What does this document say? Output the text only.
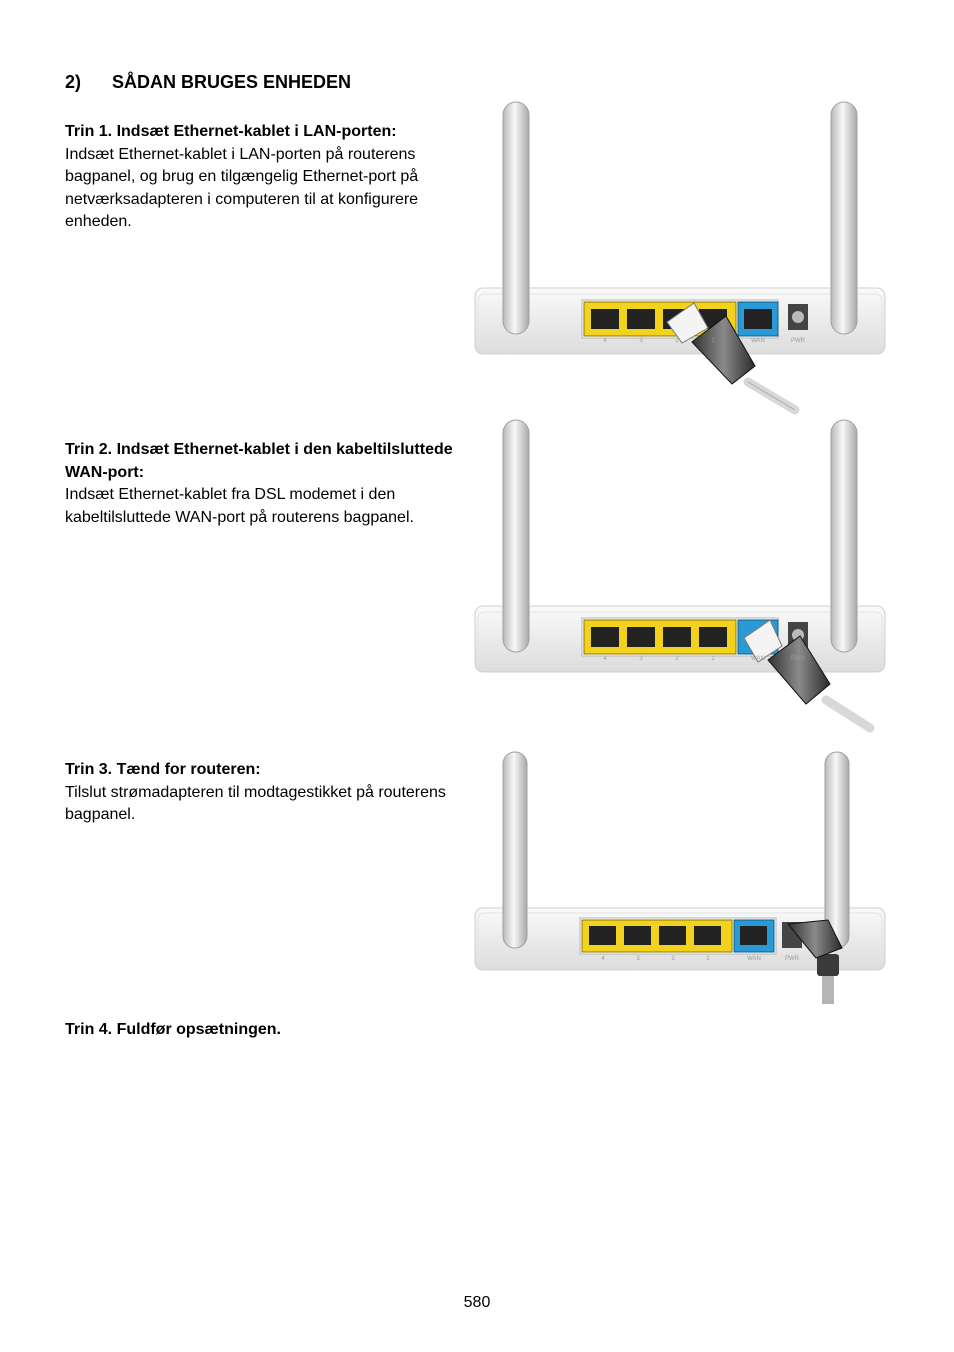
2) SÅDAN BRUGES ENHEDEN
Trin 1. Indsæt Ethernet-kablet i LAN-porten:
Indsæt Ethernet-kablet i LAN-porten på routerens bagpanel, og brug en tilgængelig Ethernet-port på netværksadapteren i computeren til at konfigurere enheden.
Trin 2. Indsæt Ethernet-kablet i den kabeltilsluttede WAN-port:
Indsæt Ethernet-kablet fra DSL modemet i den kabeltilsluttede WAN-port på routerens bagpanel.
Trin 3. Tænd for routeren:
Tilslut strømadapteren til modtagestikket på routerens bagpanel.
Trin 4. Fuldfør opsætningen.
4	3	2	1	WAN	PWR
4	3	2	1	WAN	PWR
4	3	2	1	WAN	PWR
580
